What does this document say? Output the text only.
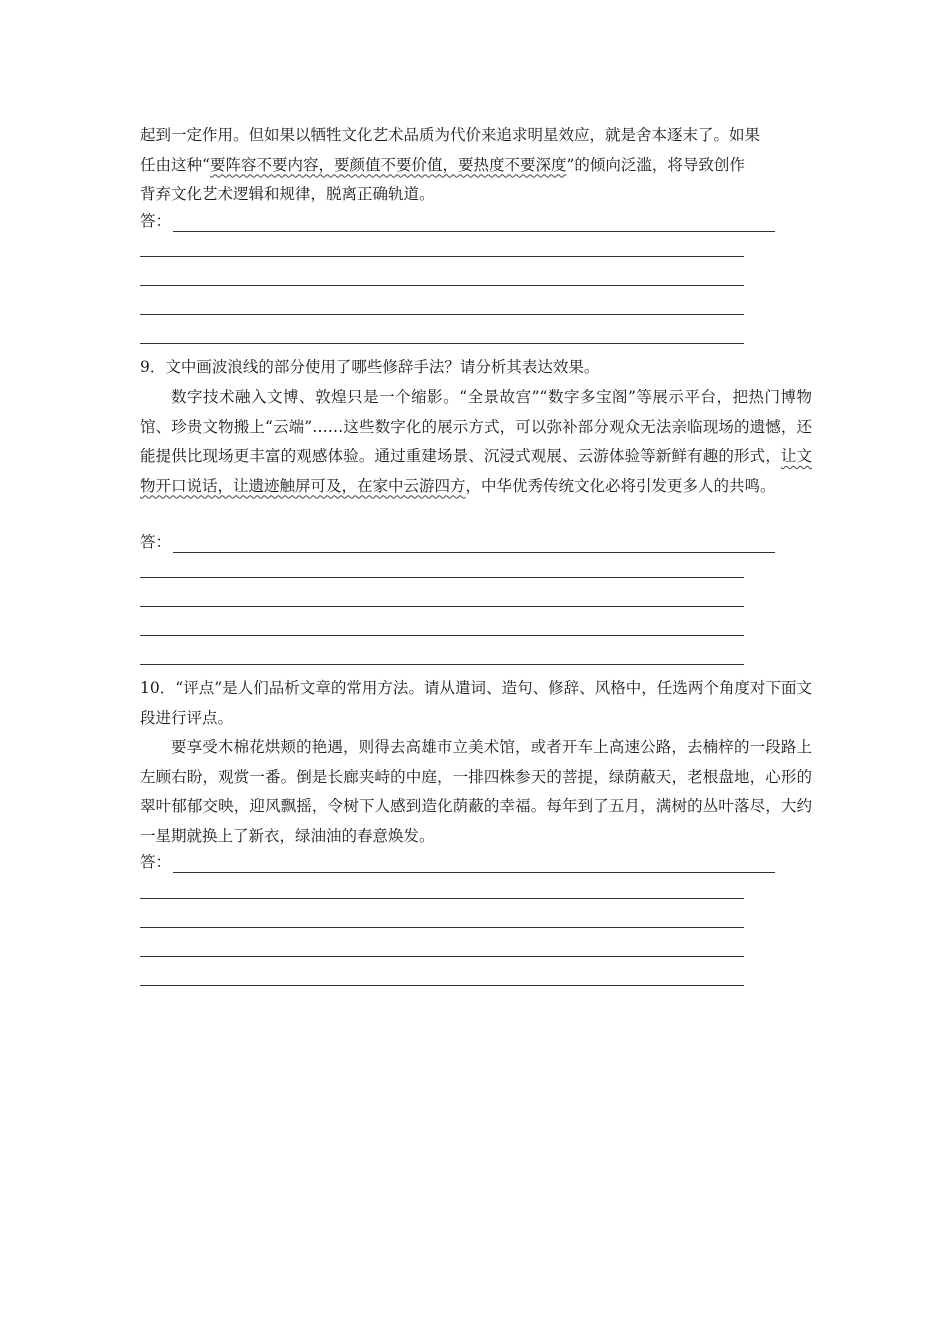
起到一定作用。但如果以牺牲文化艺术品质为代价来追求明星效应，就是舍本逐末了。如果
任由这种“要阵容不要内容，要颜值不要价值，要热度不要深度”的倾向泛滥，将导致创作
背弃文化艺术逻辑和规律，脱离正确轨道。

答：

9．文中画波浪线的部分使用了哪些修辞手法？请分析其表达效果。

数字技术融入文博、敦煌只是一个缩影。“全景故宫”“数字多宝阁”等展示平台，把热门博物馆、珍贵文物搬上“云端”……这些数字化的展示方式，可以弥补部分观众无法亲临现场的遗憾，还能提供比现场更丰富的观感体验。通过重建场景、沉浸式观展、云游体验等新鲜有趣的形式，让文物开口说话，让遗迹触屏可及，在家中云游四方，中华优秀传统文化必将引发更多人的共鸣。

答：

10．“评点”是人们品析文章的常用方法。请从遣词、造句、修辞、风格中，任选两个角度对下面文段进行评点。

要享受木棉花烘颊的艳遇，则得去高雄市立美术馆，或者开车上高速公路，去楠梓的一段路上左顾右盼，观赏一番。倒是长廊夹峙的中庭，一排四株参天的菩提，绿荫蔽天，老根盘地，心形的翠叶郁郁交映，迎风飘摇，令树下人感到造化荫蔽的幸福。每年到了五月，满树的丛叶落尽，大约一星期就换上了新衣，绿油油的春意焕发。

答：
